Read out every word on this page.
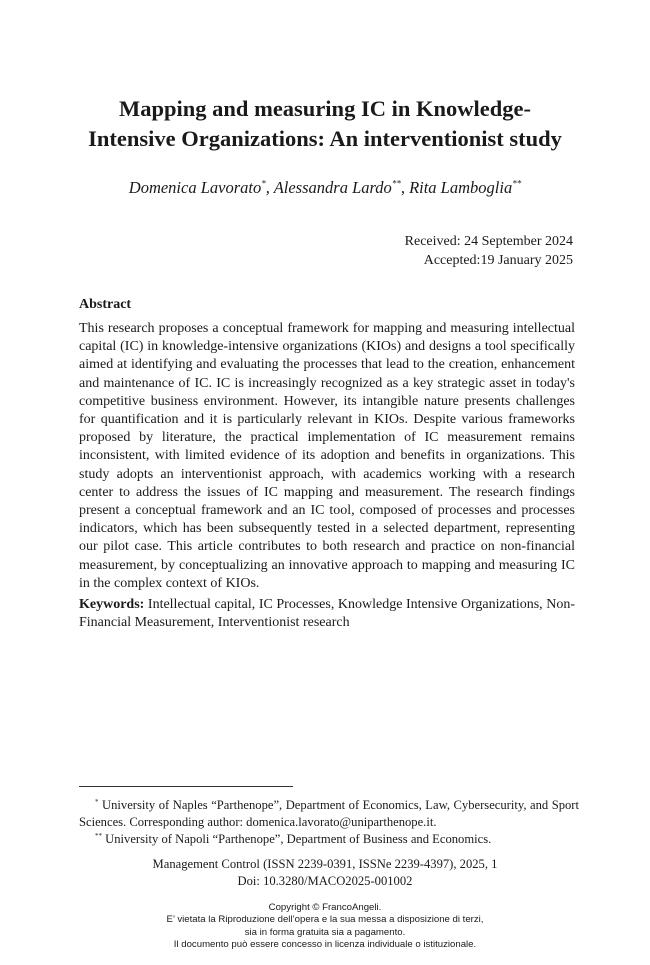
Mapping and measuring IC in Knowledge-
Intensive Organizations: An interventionist study
Domenica Lavorato*, Alessandra Lardo**, Rita Lamboglia**
Received: 24 September 2024
Accepted:19 January 2025
Abstract

This research proposes a conceptual framework for mapping and measuring intellectual capital (IC) in knowledge-intensive organizations (KIOs) and designs a tool specifically aimed at identifying and evaluating the processes that lead to the creation, enhancement and maintenance of IC. IC is increasingly recognized as a key strategic asset in today's competitive business environment. However, its intangible nature presents challenges for quantification and it is particularly relevant in KIOs. Despite various frameworks proposed by literature, the practical implementation of IC measurement remains inconsistent, with limited evidence of its adoption and benefits in organizations. This study adopts an interventionist approach, with academics working with a research center to address the issues of IC mapping and measurement. The research findings present a conceptual framework and an IC tool, composed of processes and processes indicators, which has been subsequently tested in a selected department, representing our pilot case. This article contributes to both research and practice on non-financial measurement, by conceptualizing an innovative approach to mapping and measuring IC in the complex context of KIOs.

Keywords: Intellectual capital, IC Processes, Knowledge Intensive Organizations, Non-Financial Measurement, Interventionist research

* University of Naples “Parthenope”, Department of Economics, Law, Cybersecurity, and Sport Sciences. Corresponding author: domenica.lavorato@uniparthenope.it.

** University of Napoli “Parthenope”, Department of Business and Economics.

Management Control (ISSN 2239-0391, ISSNe 2239-4397), 2025, 1
Doi: 10.3280/MACO2025-001002
Copyright © FrancoAngeli.
E’ vietata la Riproduzione dell’opera e la sua messa a disposizione di terzi,
sia in forma gratuita sia a pagamento.
Il documento può essere concesso in licenza individuale o istituzionale.
